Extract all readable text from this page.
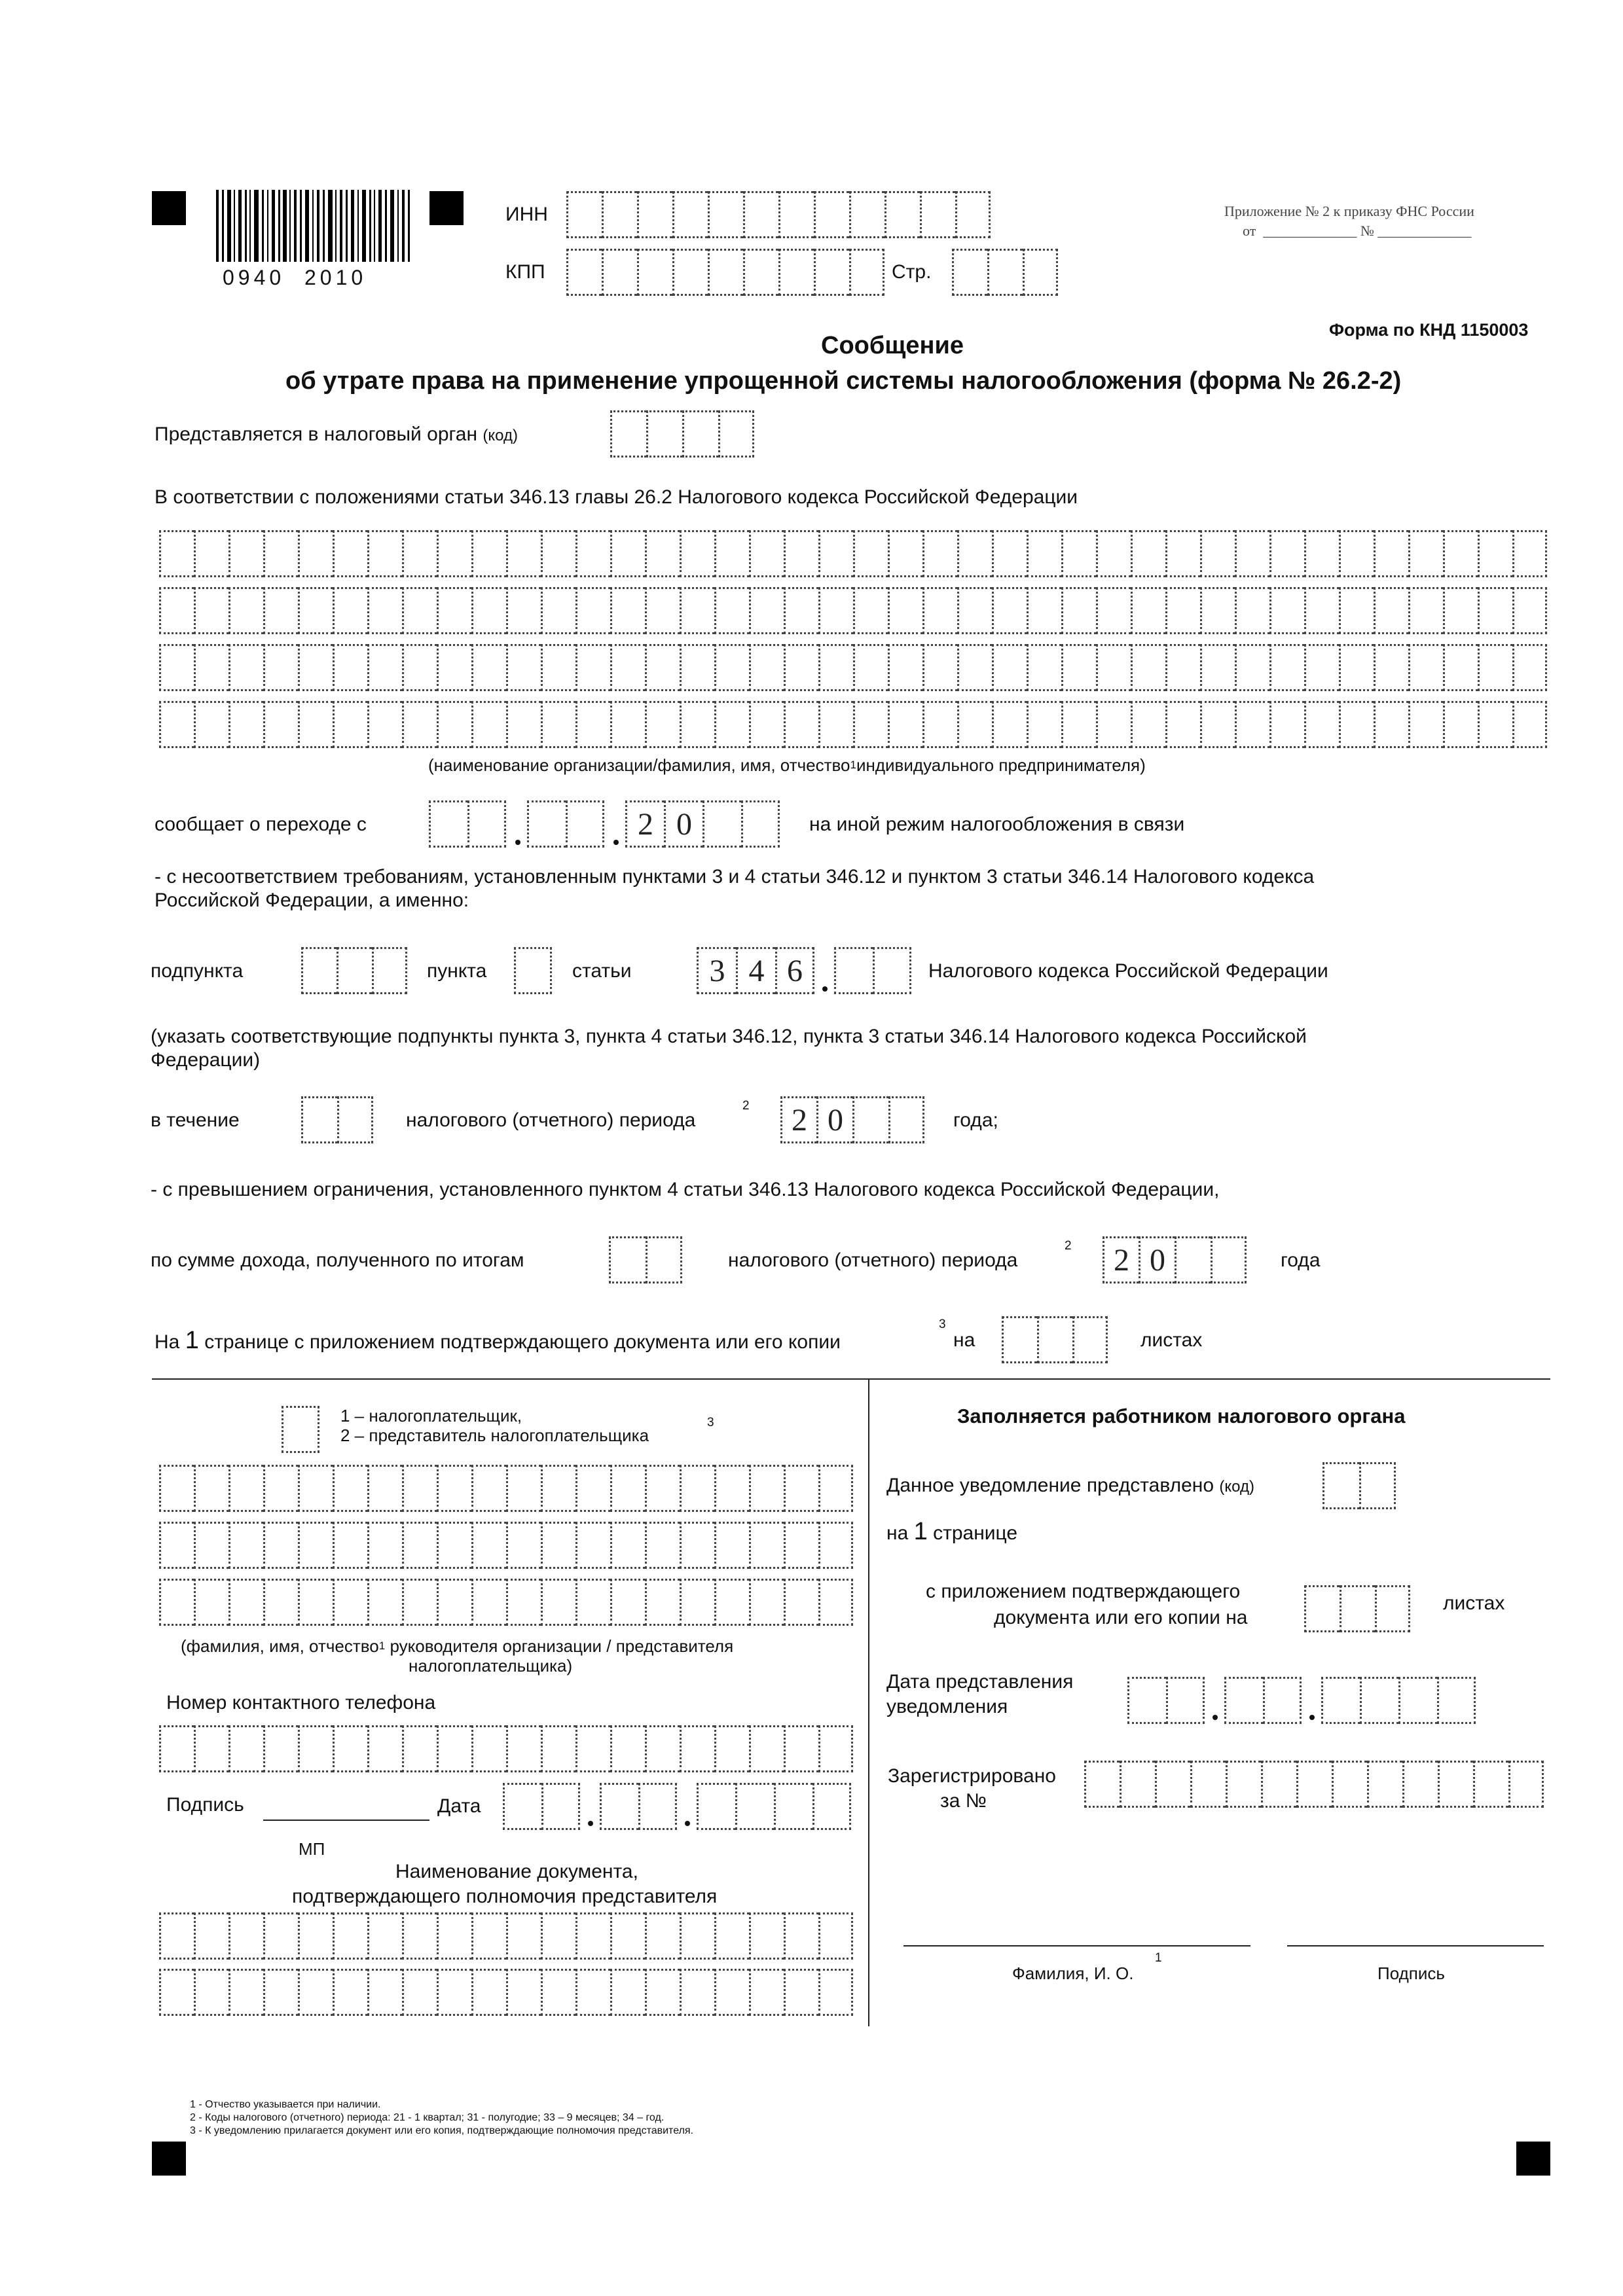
0940  2010
ИНН
КПП	Стр.
Приложение № 2 к приказу ФНС России
от  _____________ № _____________
Форма по КНД 1150003
Сообщение
об утрате права на применение упрощенной системы налогообложения (форма № 26.2-2)
Представляется в налоговый орган (код)
В соответствии с положениями статьи 346.13 главы 26.2 Налогового кодекса Российской Федерации
(наименование организации/фамилия, имя, отчество$^1$индивидуального предпринимателя)
сообщает о переходе с	2 0	на иной режим налогообложения в связи
- с несоответствием требованиям, установленным пунктами 3 и 4 статьи 346.12 и пунктом 3 статьи 346.14 Налогового кодекса
Российской Федерации, а именно:
подпункта	пункта	статьи	3 4 6	Налогового кодекса Российской Федерации
(указать соответствующие подпункты пункта 3, пункта 4 статьи 346.12, пункта 3 статьи 346.14 Налогового кодекса Российской
Федерации)
в течение	налогового (отчетного) периода
2	2 0	года;
- с превышением ограничения, установленного пунктом 4 статьи 346.13 Налогового кодекса Российской Федерации,
по сумме дохода, полученного по итогам	налогового (отчетного) периода
2	2 0	года
На 1 странице с приложением подтверждающего документа или его копии
3
на	листах
1 – налогоплательщик,
2 – представитель налогоплательщика
3
(фамилия, имя, отчество$^1$ руководителя организации / представителя
налогоплательщика)
Номер контактного телефона
Подпись	Дата
МП
Наименование документа,
подтверждающего полномочия представителя
Заполняется работником налогового органа
Данное уведомление представлено (код)
на 1 странице
с приложением подтверждающего
документа или его копии на
листах
Дата представления
уведомления
Зарегистрировано
за №
Фамилия, И. О.
1
Подпись
1 - Отчество указывается при наличии.
2 - Коды налогового (отчетного) периода: 21 - 1 квартал; 31 - полугодие; 33 – 9 месяцев; 34 – год.
3 - К уведомлению прилагается документ или его копия, подтверждающие полномочия представителя.
